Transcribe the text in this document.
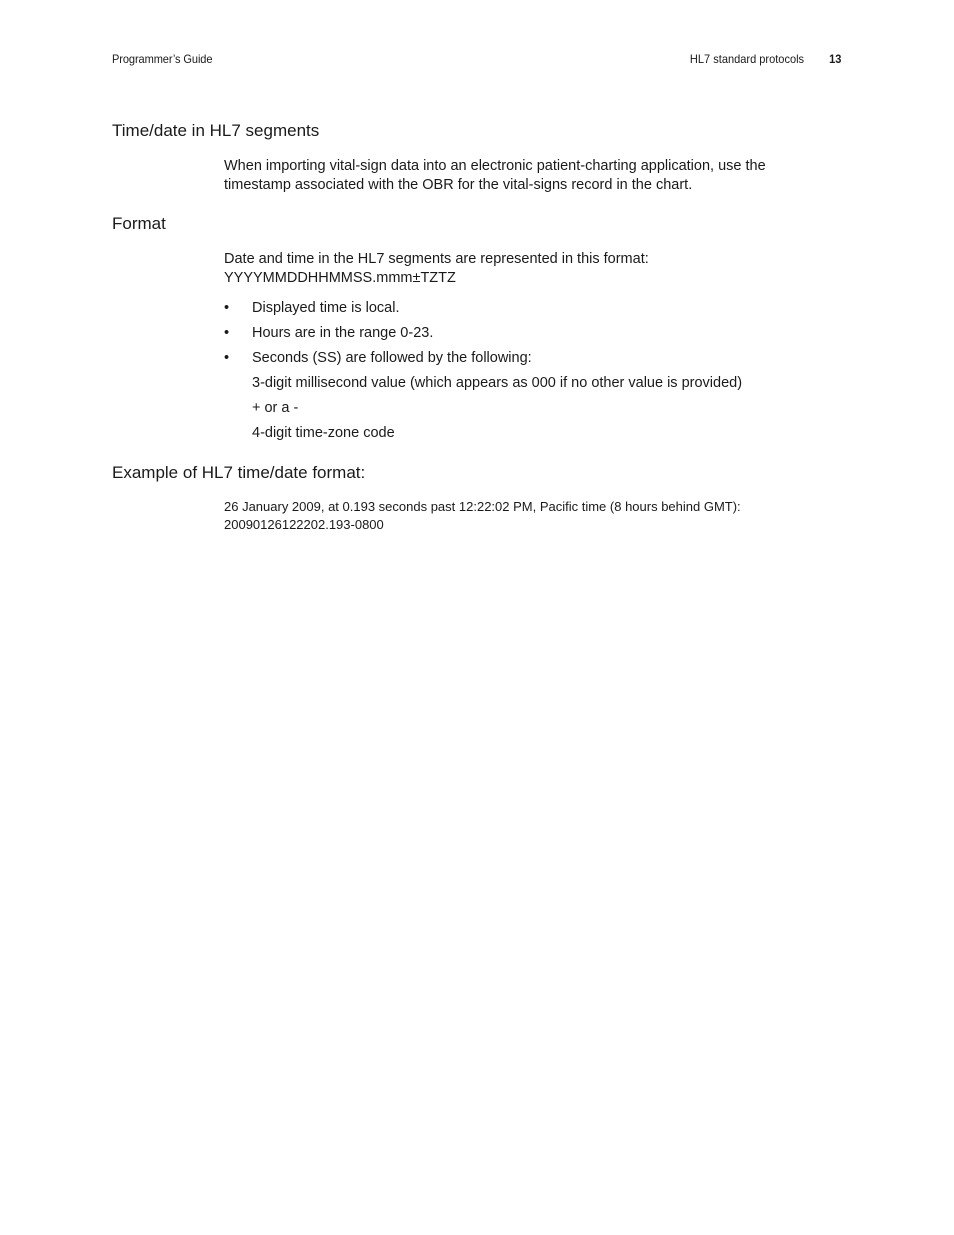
Programmer’s Guide	HL7 standard protocols 13
Time/date in HL7 segments
When importing vital-sign data into an electronic patient-charting application, use the
timestamp associated with the OBR for the vital-signs record in the chart.
Format
Date and time in the HL7 segments are represented in this format:
YYYYMMDDHHMMSS.mmm±TZTZ
• Displayed time is local.
• Hours are in the range 0-23.
• Seconds (SS) are followed by the following:
3-digit millisecond value (which appears as 000 if no other value is provided)
+ or a -
4-digit time-zone code
Example of HL7 time/date format:
26 January 2009, at 0.193 seconds past 12:22:02 PM, Pacific time (8 hours behind GMT):
20090126122202.193-0800
